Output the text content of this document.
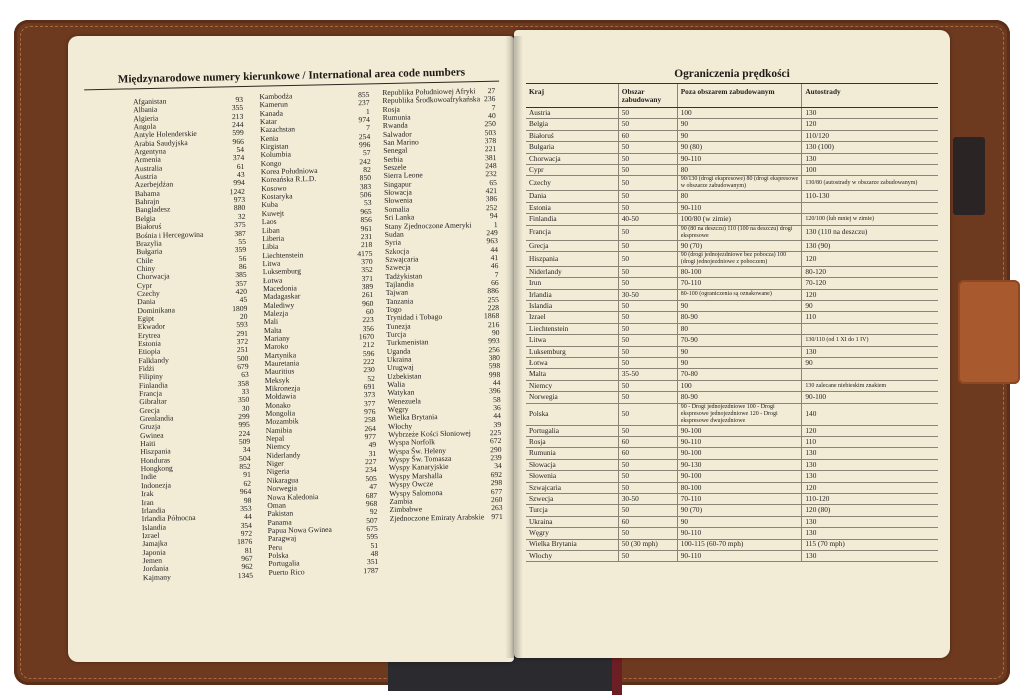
Międzynarodowe numery kierunkowe / International area code numbers
Afganistan	93
Albania	355
Algieria	213
Angola	244
Antyle Holenderskie	599
Arabia Saudyjska	966
Argentyna	54
Armenia	374
Australia	61
Austria	43
Azerbejdżan	994
Bahama	1242
Bahrajn	973
Bangladesz	880
Belgia	32
Białoruś	375
Bośnia i Hercegowina	387
Brazylia	55
Bułgaria	359
Chile	56
Chiny	86
Chorwacja	385
Cypr	357
Czechy	420
Dania	45
Dominikana	1809
Egipt	20
Ekwador	593
Erytrea	291
Estonia	372
Etiopia	251
Falklandy	500
Fidżi	679
Filipiny	63
Finlandia	358
Francja	33
Gibraltar	350
Grecja	30
Grenlandia	299
Gruzja	995
Gwinea	224
Haiti	509
Hiszpania	34
Honduras	504
Hongkong	852
Indie	91
Indonezja	62
Irak	964
Iran	98
Irlandia	353
Irlandia Północna	44
Islandia	354
Izrael	972
Jamajka	1876
Japonia	81
Jemen	967
Jordania	962
Kajmany	1345
Kambodża	855
Kamerun	237
Kanada	1
Katar	974
Kazachstan	7
Kenia	254
Kirgistan	996
Kolumbia	57
Kongo	242
Korea Południowa	82
Koreańska R.L.D.	850
Kosowo	383
Kostaryka	506
Kuba	53
Kuwejt	965
Laos	856
Liban	961
Liberia	231
Libia	218
Liechtenstein	4175
Litwa	370
Luksemburg	352
Łotwa	371
Macedonia	389
Madagaskar	261
Malediwy	960
Malezja	60
Mali	223
Malta	356
Mariany	1670
Maroko	212
Martynika	596
Mauretania	222
Mauritius	230
Meksyk	52
Mikronezja	691
Mołdawia	373
Monako	377
Mongolia	976
Mozambik	258
Namibia	264
Nepal	977
Niemcy	49
Niderlandy	31
Niger	227
Nigeria	234
Nikaragua	505
Norwegia	47
Nowa Kaledonia	687
Oman	968
Pakistan	92
Panama	507
Papua Nowa Gwinea	675
Paragwaj	595
Peru	51
Polska	48
Portugalia	351
Puerto Rico	1787
Republika Południowej Afryki 27
Republika Środkowoafrykańska 236
Rosja	7
Rumunia	40
Rwanda	250
Salwador	503
San Marino	378
Senegal	221
Serbia	381
Seszele	248
Sierra Leone	232
Singapur	65
Słowacja	421
Słowenia	386
Somalia	252
Sri Lanka	94
Stany Zjednoczone Ameryki	1
Sudan	249
Syria	963
Szkocja	44
Szwajcaria	41
Szwecja	46
Tadżykistan	7
Tajlandia	66
Tajwan	886
Tanzania	255
Togo	228
Trynidad i Tobago	1868
Tunezja	216
Turcja	90
Turkmenistan	993
Uganda	256
Ukraina	380
Urugwaj	598
Uzbekistan	998
Walia	44
Watykan	396
Wenezuela	58
Węgry	36
Wielka Brytania	44
Włochy	39
Wybrzeże Kości Słoniowej 225
Wyspa Norfolk	672
Wyspa Św. Heleny	290
Wyspy Św. Tomasza	239
Wyspy Kanaryjskie	34
Wyspy Marshalla	692
Wyspy Owcze	298
Wyspy Salomona	677
Zambia	260
Zimbabwe	263
Zjednoczone Emiraty Arabskie 971
Ograniczenia prędkości
Kraj	Obszar zabudowany	Poza obszarem zabudowanym	Autostrady
Austria	50	100	130
Belgia	50	90	120
Białoruś	60	90	110/120
Bułgaria	50	90 (80)	130 (100)
Chorwacja	50	90-110	130
Cypr	50	80	100
Czechy	50	90/130 (drogi ekspresowe) 80 (drogi ekspresowe w obszarze zabudowanym)	130/80 (autostrady w obszarze zabudowanym)
Dania	50	80	110-130
Estonia	50	90-110	
Finlandia	40-50	100/80 (w zimie)	120/100 (lub mniej w zimie)
Francja	50	90 (80 na deszczu) 110 (100 na deszczu) drogi ekspresowe	130 (110 na deszczu)
Grecja	50	90 (70)	130 (90)
Hiszpania	50	90 (drogi jednojezdniowe bez pobocza) 100 (drogi jednojezdniowe z poboczem)	120
Niderlandy	50	80-100	80-120
Irun	50	70-110	70-120
Irlandia	30-50	80-100 (ograniczenia są oznakowane)	120
Islandia	50	90	90
Izrael	50	80-90	110
Liechtenstein	50	80	
Litwa	50	70-90	130/110 (od 1 XI do 1 IV)
Luksemburg	50	90	130
Łotwa	50	90	90
Malta	35-50	70-80	
Niemcy	50	100	130 zalecane niebieskim znakiem
Norwegia	50	80-90	90-100
Polska	50	90 - Drogi jednojezdniowe 100 - Drogi ekspresowe jednojezdniowe 120 - Drogi ekspresowe dwujezdniowe	140
Portugalia	50	90-100	120
Rosja	60	90-110	110
Rumunia	60	90-100	130
Słowacja	50	90-130	130
Słowenia	50	90-100	130
Szwajcaria	50	80-100	120
Szwecja	30-50	70-110	110-120
Turcja	50	90 (70)	120 (80)
Ukraina	60	90	130
Węgry	50	90-110	130
Wielka Brytania	50 (30 mph)	100-115 (60-70 mph)	115 (70 mph)
Włochy	50	90-110	130
